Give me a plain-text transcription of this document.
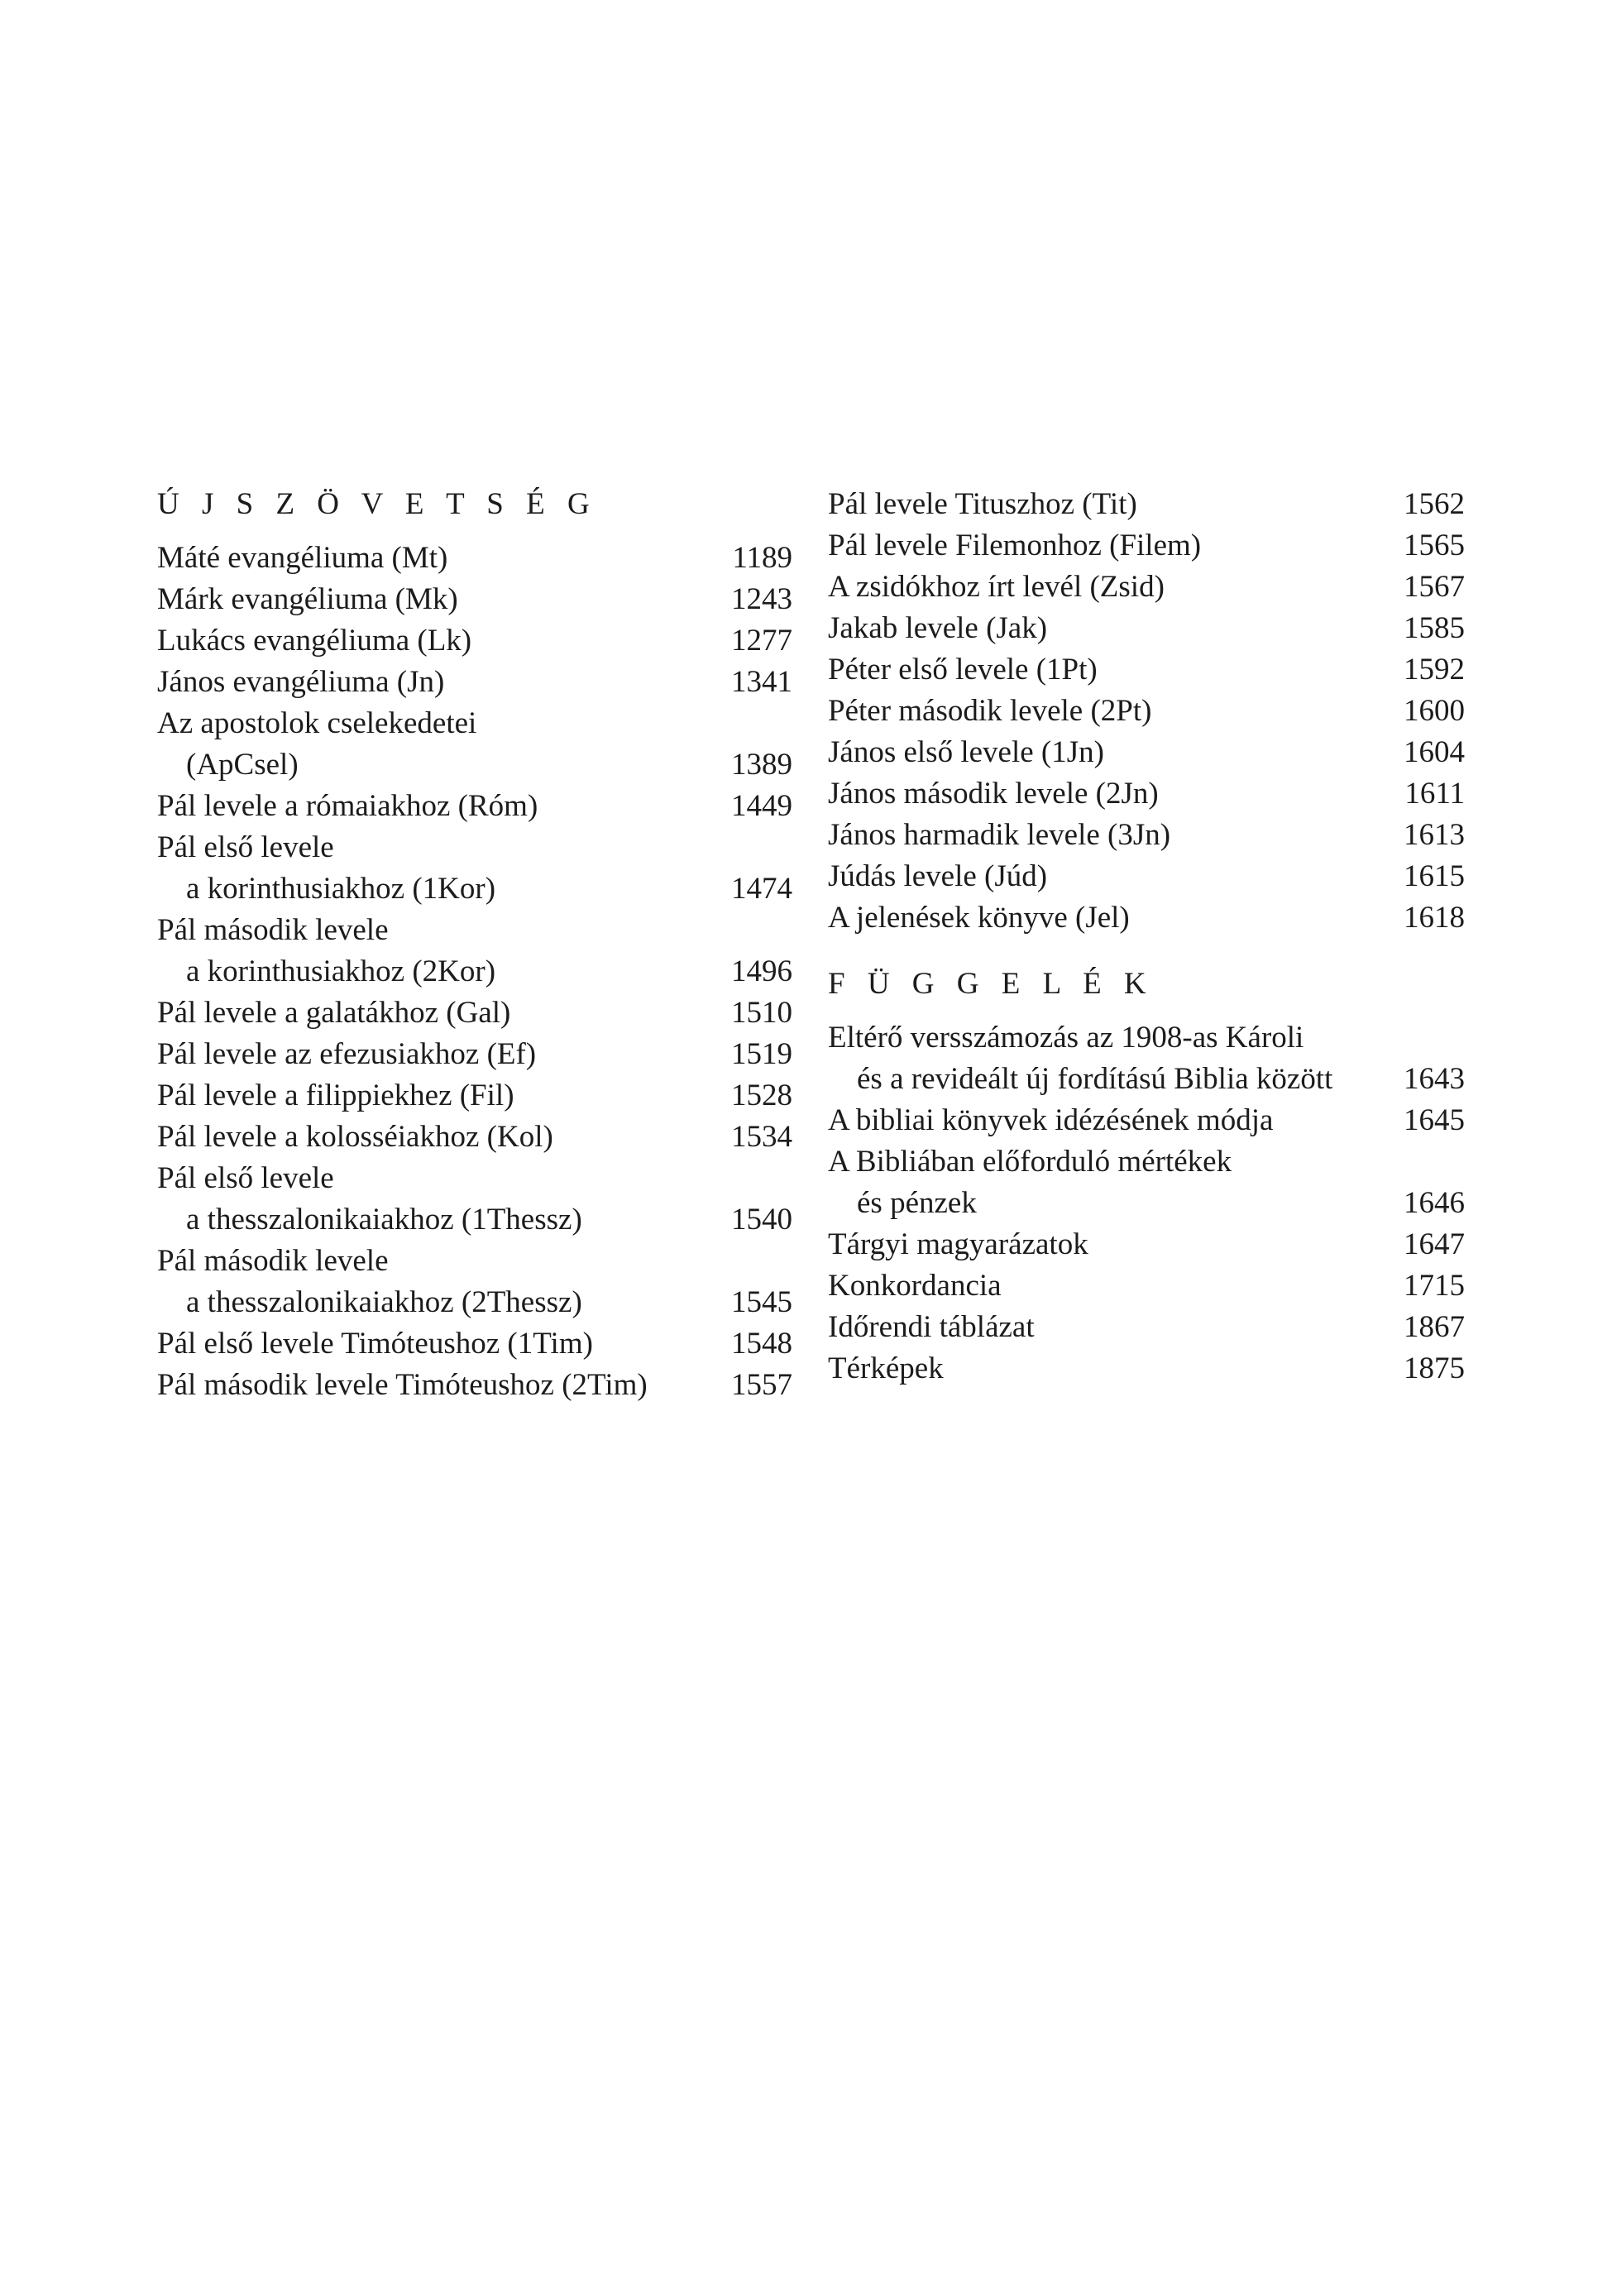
Ú J S Z Ö V E T S É G
Máté evangéliuma (Mt)	1189
Márk evangéliuma (Mk)	1243
Lukács evangéliuma (Lk)	1277
János evangéliuma (Jn)	1341
Az apostolok cselekedetei
(ApCsel)	1389
Pál levele a rómaiakhoz (Róm)	1449
Pál első levele
a korinthusiakhoz (1Kor)	1474
Pál második levele
a korinthusiakhoz (2Kor)	1496
Pál levele a galatákhoz (Gal)	1510
Pál levele az efezusiakhoz (Ef)	1519
Pál levele a filippiekhez (Fil)	1528
Pál levele a kolosséiakhoz (Kol)	1534
Pál első levele
a thesszalonikaiakhoz (1Thessz)	1540
Pál második levele
a thesszalonikaiakhoz (2Thessz)	1545
Pál első levele Timóteushoz (1Tim)	1548
Pál második levele Timóteushoz (2Tim)	1557
Pál levele Tituszhoz (Tit)	1562
Pál levele Filemonhoz (Filem)	1565
A zsidókhoz írt levél (Zsid)	1567
Jakab levele (Jak)	1585
Péter első levele (1Pt)	1592
Péter második levele (2Pt)	1600
János első levele (1Jn)	1604
János második levele (2Jn)	1611
János harmadik levele (3Jn)	1613
Júdás levele (Júd)	1615
A jelenések könyve (Jel)	1618
F Ü G G E L É K
Eltérő versszámozás az 1908-as Károli
és a revideált új fordítású Biblia között	1643
A bibliai könyvek idézésének módja	1645
A Bibliában előforduló mértékek
és pénzek	1646
Tárgyi magyarázatok	1647
Konkordancia	1715
Időrendi táblázat	1867
Térképek	1875
